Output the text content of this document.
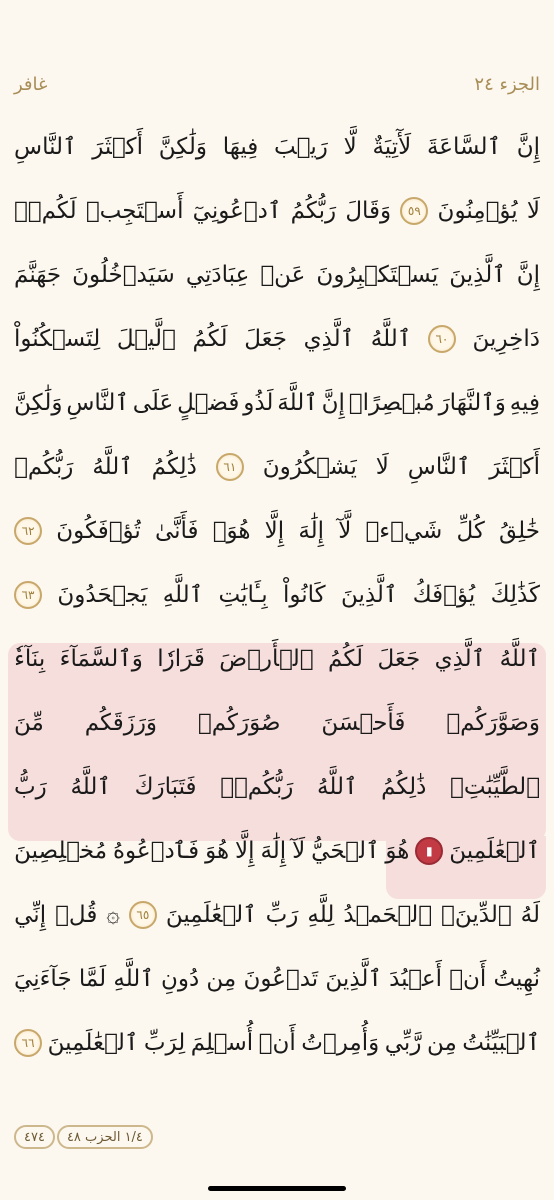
غافر	الجزء ٢٤
إِنَّ
ٱلسَّاعَةَ
لَأٓتِيَةٌ
لَّا
رَيۡبَ
فِيهَا
وَلَٰكِنَّ
أَكۡثَرَ
ٱلنَّاسِ
لَا
يُؤۡمِنُونَ
٥٩
وَقَالَ
رَبُّكُمُ
ٱدۡعُونِيٓ
أَسۡتَجِبۡ
لَكُمۡۚ
إِنَّ
ٱلَّذِينَ
يَسۡتَكۡبِرُونَ
عَنۡ
عِبَادَتِي
سَيَدۡخُلُونَ
جَهَنَّمَ
دَاخِرِينَ
٦٠
ٱللَّهُ
ٱلَّذِي
جَعَلَ
لَكُمُ
ٱلَّيۡلَ
لِتَسۡكُنُواْ
فِيهِ
وَٱلنَّهَارَ
مُبۡصِرًاۚ
إِنَّ
ٱللَّهَ
لَذُو
فَضۡلٍ
عَلَى
ٱلنَّاسِ
وَلَٰكِنَّ
أَكۡثَرَ
ٱلنَّاسِ
لَا
يَشۡكُرُونَ
٦١
ذَٰلِكُمُ
ٱللَّهُ
رَبُّكُمۡ
خَٰلِقُ
كُلِّ
شَيۡءٖ
لَّآ
إِلَٰهَ
إِلَّا
هُوَۖ
فَأَنَّىٰ
تُؤۡفَكُونَ
٦٢
كَذَٰلِكَ
يُؤۡفَكُ
ٱلَّذِينَ
كَانُواْ
بِـَٔايَٰتِ
ٱللَّهِ
يَجۡحَدُونَ
٦٣
ٱللَّهُ
ٱلَّذِي
جَعَلَ
لَكُمُ
ٱلۡأَرۡضَ
قَرَارٗا
وَٱلسَّمَآءَ
بِنَآءٗ
وَصَوَّرَكُمۡ
فَأَحۡسَنَ
صُوَرَكُمۡ
وَرَزَقَكُم
مِّنَ
ٱلطَّيِّبَٰتِۚ
ذَٰلِكُمُ
ٱللَّهُ
رَبُّكُمۡۖ
فَتَبَارَكَ
ٱللَّهُ
رَبُّ
ٱلۡعَٰلَمِينَ
▮
هُوَ
ٱلۡحَيُّ
لَآ
إِلَٰهَ
إِلَّا
هُوَ
فَٱدۡعُوهُ
مُخۡلِصِينَ
لَهُ
ٱلدِّينَۗ
ٱلۡحَمۡدُ
لِلَّهِ
رَبِّ
ٱلۡعَٰلَمِينَ
٦٥
۞
قُلۡ
إِنِّي
نُهِيتُ
أَنۡ
أَعۡبُدَ
ٱلَّذِينَ
تَدۡعُونَ
مِن
دُونِ
ٱللَّهِ
لَمَّا
جَآءَنِيَ
ٱلۡبَيِّنَٰتُ
مِن
رَّبِّي
وَأُمِرۡتُ
أَنۡ
أُسۡلِمَ
لِرَبِّ
ٱلۡعَٰلَمِينَ
٦٦
٤٧٤	١/٤ الحزب ٤٨
